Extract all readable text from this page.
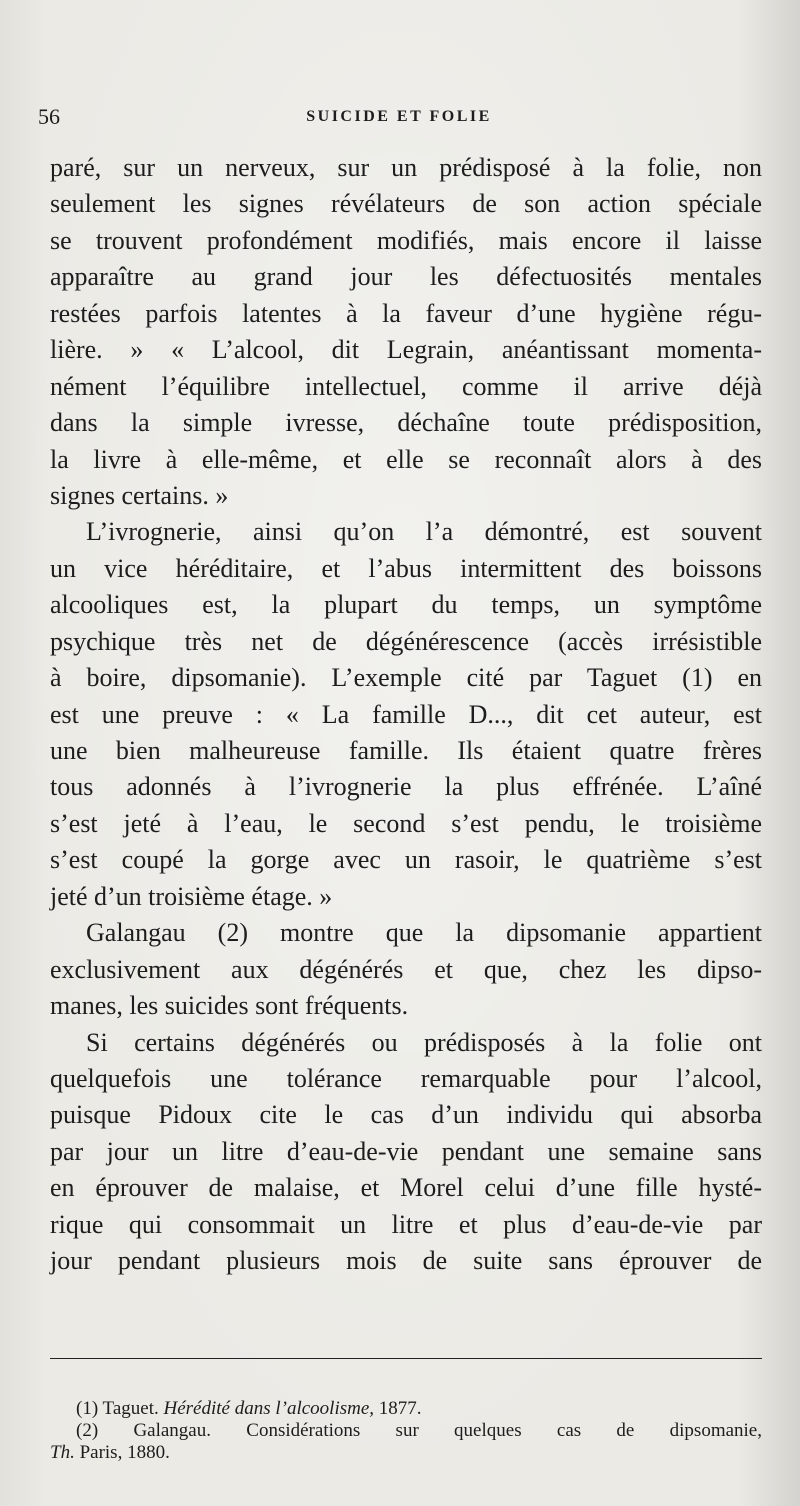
56	SUICIDE ET FOLIE
paré, sur un nerveux, sur un prédisposé à la folie, non
seulement les signes révélateurs de son action spéciale
se trouvent profondément modifiés, mais encore il laisse
apparaître au grand jour les défectuosités mentales
restées parfois latentes à la faveur d’une hygiène régu-
lière. » « L’alcool, dit Legrain, anéantissant momenta-
nément l’équilibre intellectuel, comme il arrive déjà
dans la simple ivresse, déchaîne toute prédisposition,
la livre à elle-même, et elle se reconnaît alors à des
signes certains. »
L’ivrognerie, ainsi qu’on l’a démontré, est souvent
un vice héréditaire, et l’abus intermittent des boissons
alcooliques est, la plupart du temps, un symptôme
psychique très net de dégénérescence (accès irrésistible
à boire, dipsomanie). L’exemple cité par Taguet (1) en
est une preuve : « La famille D..., dit cet auteur, est
une bien malheureuse famille. Ils étaient quatre frères
tous adonnés à l’ivrognerie la plus effrénée. L’aîné
s’est jeté à l’eau, le second s’est pendu, le troisième
s’est coupé la gorge avec un rasoir, le quatrième s’est
jeté d’un troisième étage. »
Galangau (2) montre que la dipsomanie appartient
exclusivement aux dégénérés et que, chez les dipso-
manes, les suicides sont fréquents.
Si certains dégénérés ou prédisposés à la folie ont
quelquefois une tolérance remarquable pour l’alcool,
puisque Pidoux cite le cas d’un individu qui absorba
par jour un litre d’eau-de-vie pendant une semaine sans
en éprouver de malaise, et Morel celui d’une fille hysté-
rique qui consommait un litre et plus d’eau-de-vie par
jour pendant plusieurs mois de suite sans éprouver de
(1) Taguet. Hérédité dans l’alcoolisme, 1877.
(2) Galangau. Considérations sur quelques cas de dipsomanie,
Th. Paris, 1880.
